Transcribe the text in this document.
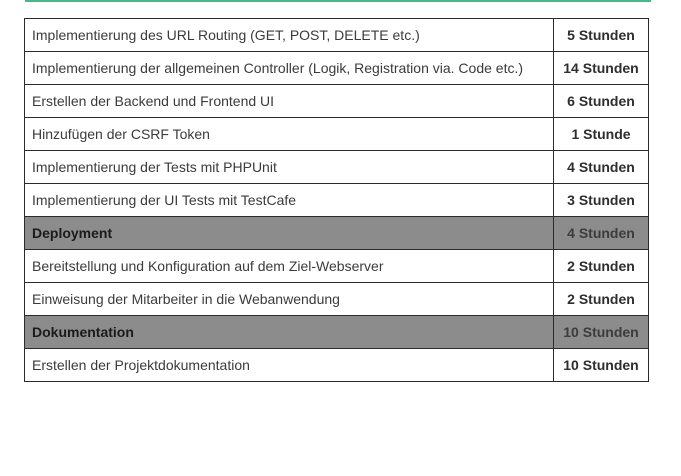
Implementierung des URL Routing (GET, POST, DELETE etc.)	5 Stunden
Implementierung der allgemeinen Controller (Logik, Registration via. Code etc.)	14 Stunden
Erstellen der Backend und Frontend UI	6 Stunden
Hinzufügen der CSRF Token	1 Stunde
Implementierung der Tests mit PHPUnit	4 Stunden
Implementierung der UI Tests mit TestCafe	3 Stunden
Deployment	4 Stunden
Bereitstellung und Konfiguration auf dem Ziel-Webserver	2 Stunden
Einweisung der Mitarbeiter in die Webanwendung	2 Stunden
Dokumentation	10 Stunden
Erstellen der Projektdokumentation	10 Stunden
